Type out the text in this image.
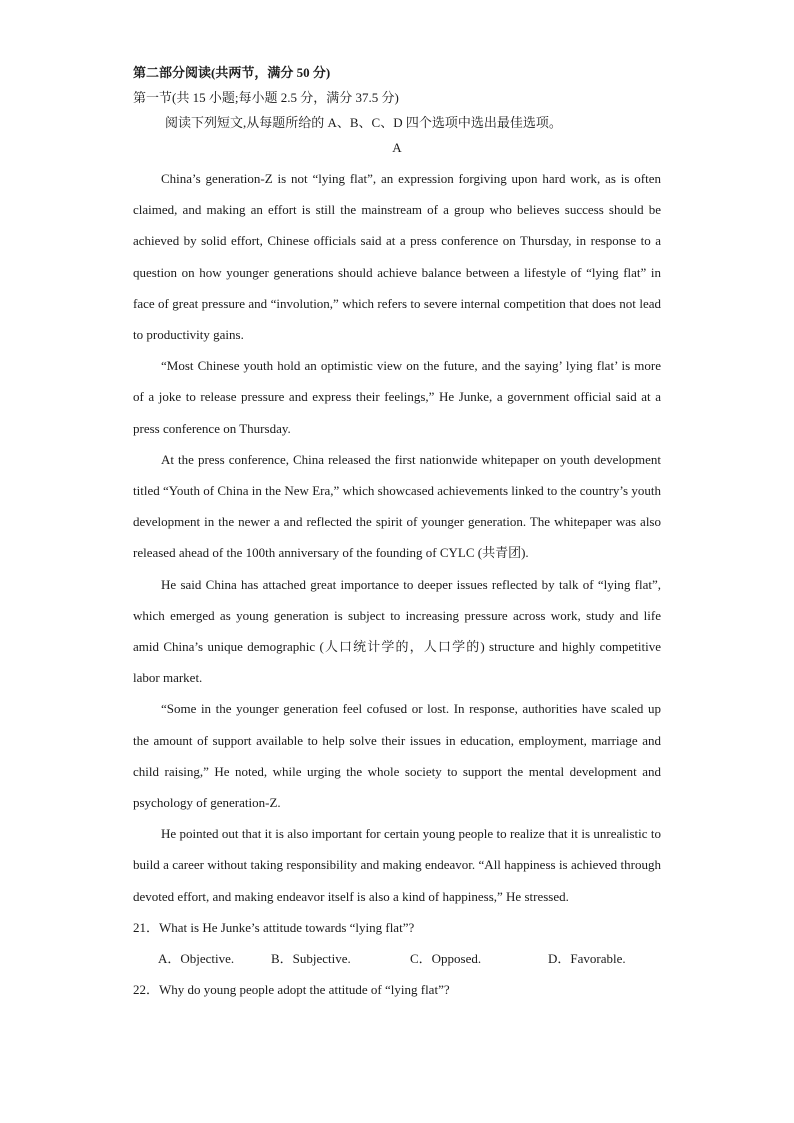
第二部分阅读(共两节，满分 50 分)
第一节(共 15 小题;每小题 2.5 分，满分 37.5 分)
阅读下列短文,从每题所给的 A、B、C、D 四个选项中选出最佳选项。
A

China’s generation-Z is not “lying flat”, an expression forgiving upon hard work, as is often claimed, and making an effort is still the mainstream of a group who believes success should be achieved by solid effort, Chinese officials said at a press conference on Thursday, in response to a question on how younger generations should achieve balance between a lifestyle of “lying flat” in face of great pressure and “involution,” which refers to severe internal competition that does not lead to productivity gains.

“Most Chinese youth hold an optimistic view on the future, and the saying’ lying flat’ is more of a joke to release pressure and express their feelings,” He Junke, a government official said at a press conference on Thursday.

At the press conference, China released the first nationwide whitepaper on youth development titled “Youth of China in the New Era,” which showcased achievements linked to the country’s youth development in the newer a and reflected the spirit of younger generation. The whitepaper was also released ahead of the 100th anniversary of the founding of CYLC (共青团).

He said China has attached great importance to deeper issues reflected by talk of “lying flat”, which emerged as young generation is subject to increasing pressure across work, study and life amid China’s unique demographic (人口统计学的，人口学的) structure and highly competitive labor market.

“Some in the younger generation feel cofused or lost. In response, authorities have scaled up the amount of support available to help solve their issues in education, employment, marriage and child raising,” He noted, while urging the whole society to support the mental development and psychology of generation-Z.

He pointed out that it is also important for certain young people to realize that it is unrealistic to build a career without taking responsibility and making endeavor. “All happiness is achieved through devoted effort, and making endeavor itself is also a kind of happiness,” He stressed.

21．What is He Junke’s attitude towards “lying flat”?
A．Objective.	B．Subjective.	C．Opposed.	D．Favorable.
22．Why do young people adopt the attitude of “lying flat”?
